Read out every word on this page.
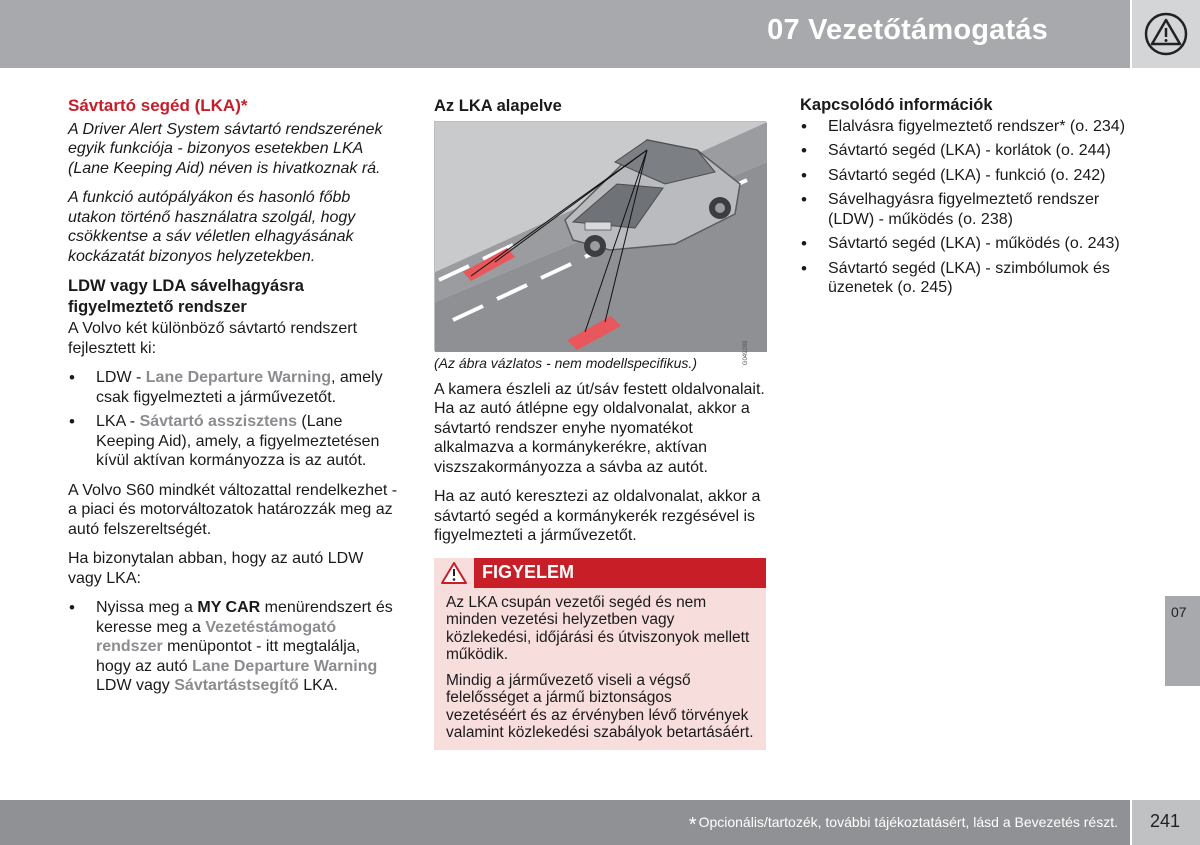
07 Vezetőtámogatás
Sávtartó segéd (LKA)*

A Driver Alert System sávtartó rendszerének egyik funkciója - bizonyos esetekben LKA (Lane Keeping Aid) néven is hivatkoznak rá.

A funkció autópályákon és hasonló főbb utakon történő használatra szolgál, hogy csökkentse a sáv véletlen elhagyásának kockázatát bizonyos helyzetekben.

LDW vagy LDA sávelhagyásra figyelmeztető rendszer

A Volvo két különböző sávtartó rendszert fejlesztett ki:

• LDW - Lane Departure Warning, amely csak figyelmezteti a járművezetőt.
• LKA - Sávtartó asszisztens (Lane Keeping Aid), amely, a figyelmeztetésen kívül aktívan kormányozza is az autót.

A Volvo S60 mindkét változattal rendelkezhet - a piaci és motorváltozatok határozzák meg az autó felszereltségét.

Ha bizonytalan abban, hogy az autó LDW vagy LKA:

• Nyissa meg a MY CAR menürendszert és keresse meg a Vezetéstámogató rendszer menüpontot - itt megtalálja, hogy az autó Lane Departure Warning LDW vagy Sávtartástsegítő LKA.
Az LKA alapelve
G049289

(Az ábra vázlatos - nem modellspecifikus.)

A kamera észleli az út/sáv festett oldalvonalait. Ha az autó átlépne egy oldalvonalat, akkor a sávtartó rendszer enyhe nyomatékot alkalmazva a kormánykerékre, aktívan viszszakormányozza a sávba az autót.

Ha az autó keresztezi az oldalvonalat, akkor a sávtartó segéd a kormánykerék rezgésével is figyelmezteti a járművezetőt.

FIGYELEM

Az LKA csupán vezetői segéd és nem minden vezetési helyzetben vagy közlekedési, időjárási és útviszonyok mellett működik.

Mindig a járművezető viseli a végső felelősséget a jármű biztonságos vezetéséért és az érvényben lévő törvények valamint közlekedési szabályok betartásáért.

Kapcsolódó információk
• Elalvásra figyelmeztető rendszer* (o. 234)
• Sávtartó segéd (LKA) - korlátok (o. 244)
• Sávtartó segéd (LKA) - funkció (o. 242)
• Sávelhagyásra figyelmeztető rendszer (LDW) - működés (o. 238)
• Sávtartó segéd (LKA) - működés (o. 243)
• Sávtartó segéd (LKA) - szimbólumok és üzenetek (o. 245)
07
* Opcionális/tartozék, további tájékoztatásért, lásd a Bevezetés részt. 241
